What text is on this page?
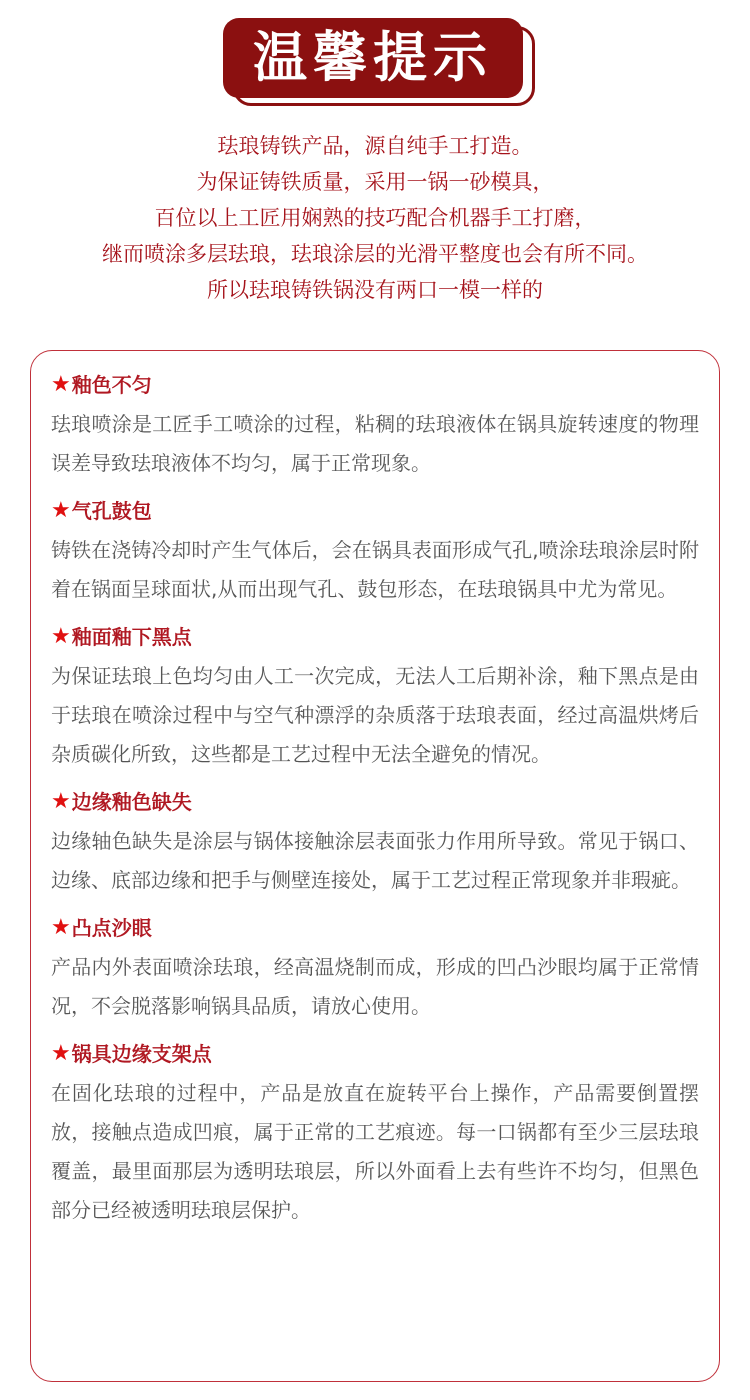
温馨提示

珐琅铸铁产品，源自纯手工打造。

为保证铸铁质量，采用一锅一砂模具，

百位以上工匠用娴熟的技巧配合机器手工打磨，

继而喷涂多层珐琅，珐琅涂层的光滑平整度也会有所不同。

所以珐琅铸铁锅没有两口一模一样的

★ 釉色不匀

珐琅喷涂是工匠手工喷涂的过程，粘稠的珐琅液体在锅具旋转速度的物理误差导致珐琅液体不均匀，属于正常现象。

★ 气孔鼓包

铸铁在浇铸冷却时产生气体后，会在锅具表面形成气孔,喷涂珐琅涂层时附着在锅面呈球面状,从而出现气孔、鼓包形态，在珐琅锅具中尤为常见。

★ 釉面釉下黑点

为保证珐琅上色均匀由人工一次完成，无法人工后期补涂，釉下黑点是由于珐琅在喷涂过程中与空气种漂浮的杂质落于珐琅表面，经过高温烘烤后杂质碳化所致，这些都是工艺过程中无法全避免的情况。

★ 边缘釉色缺失

边缘轴色缺失是涂层与锅体接触涂层表面张力作用所导致。常见于锅口、边缘、底部边缘和把手与侧壁连接处，属于工艺过程正常现象并非瑕疵。

★ 凸点沙眼

产品内外表面喷涂珐琅，经高温烧制而成，形成的凹凸沙眼均属于正常情况，不会脱落影响锅具品质，请放心使用。

★ 锅具边缘支架点

在固化珐琅的过程中，产品是放直在旋转平台上操作，产品需要倒置摆放，接触点造成凹痕，属于正常的工艺痕迹。每一口锅都有至少三层珐琅覆盖，最里面那层为透明珐琅层，所以外面看上去有些许不均匀，但黑色部分已经被透明珐琅层保护。
